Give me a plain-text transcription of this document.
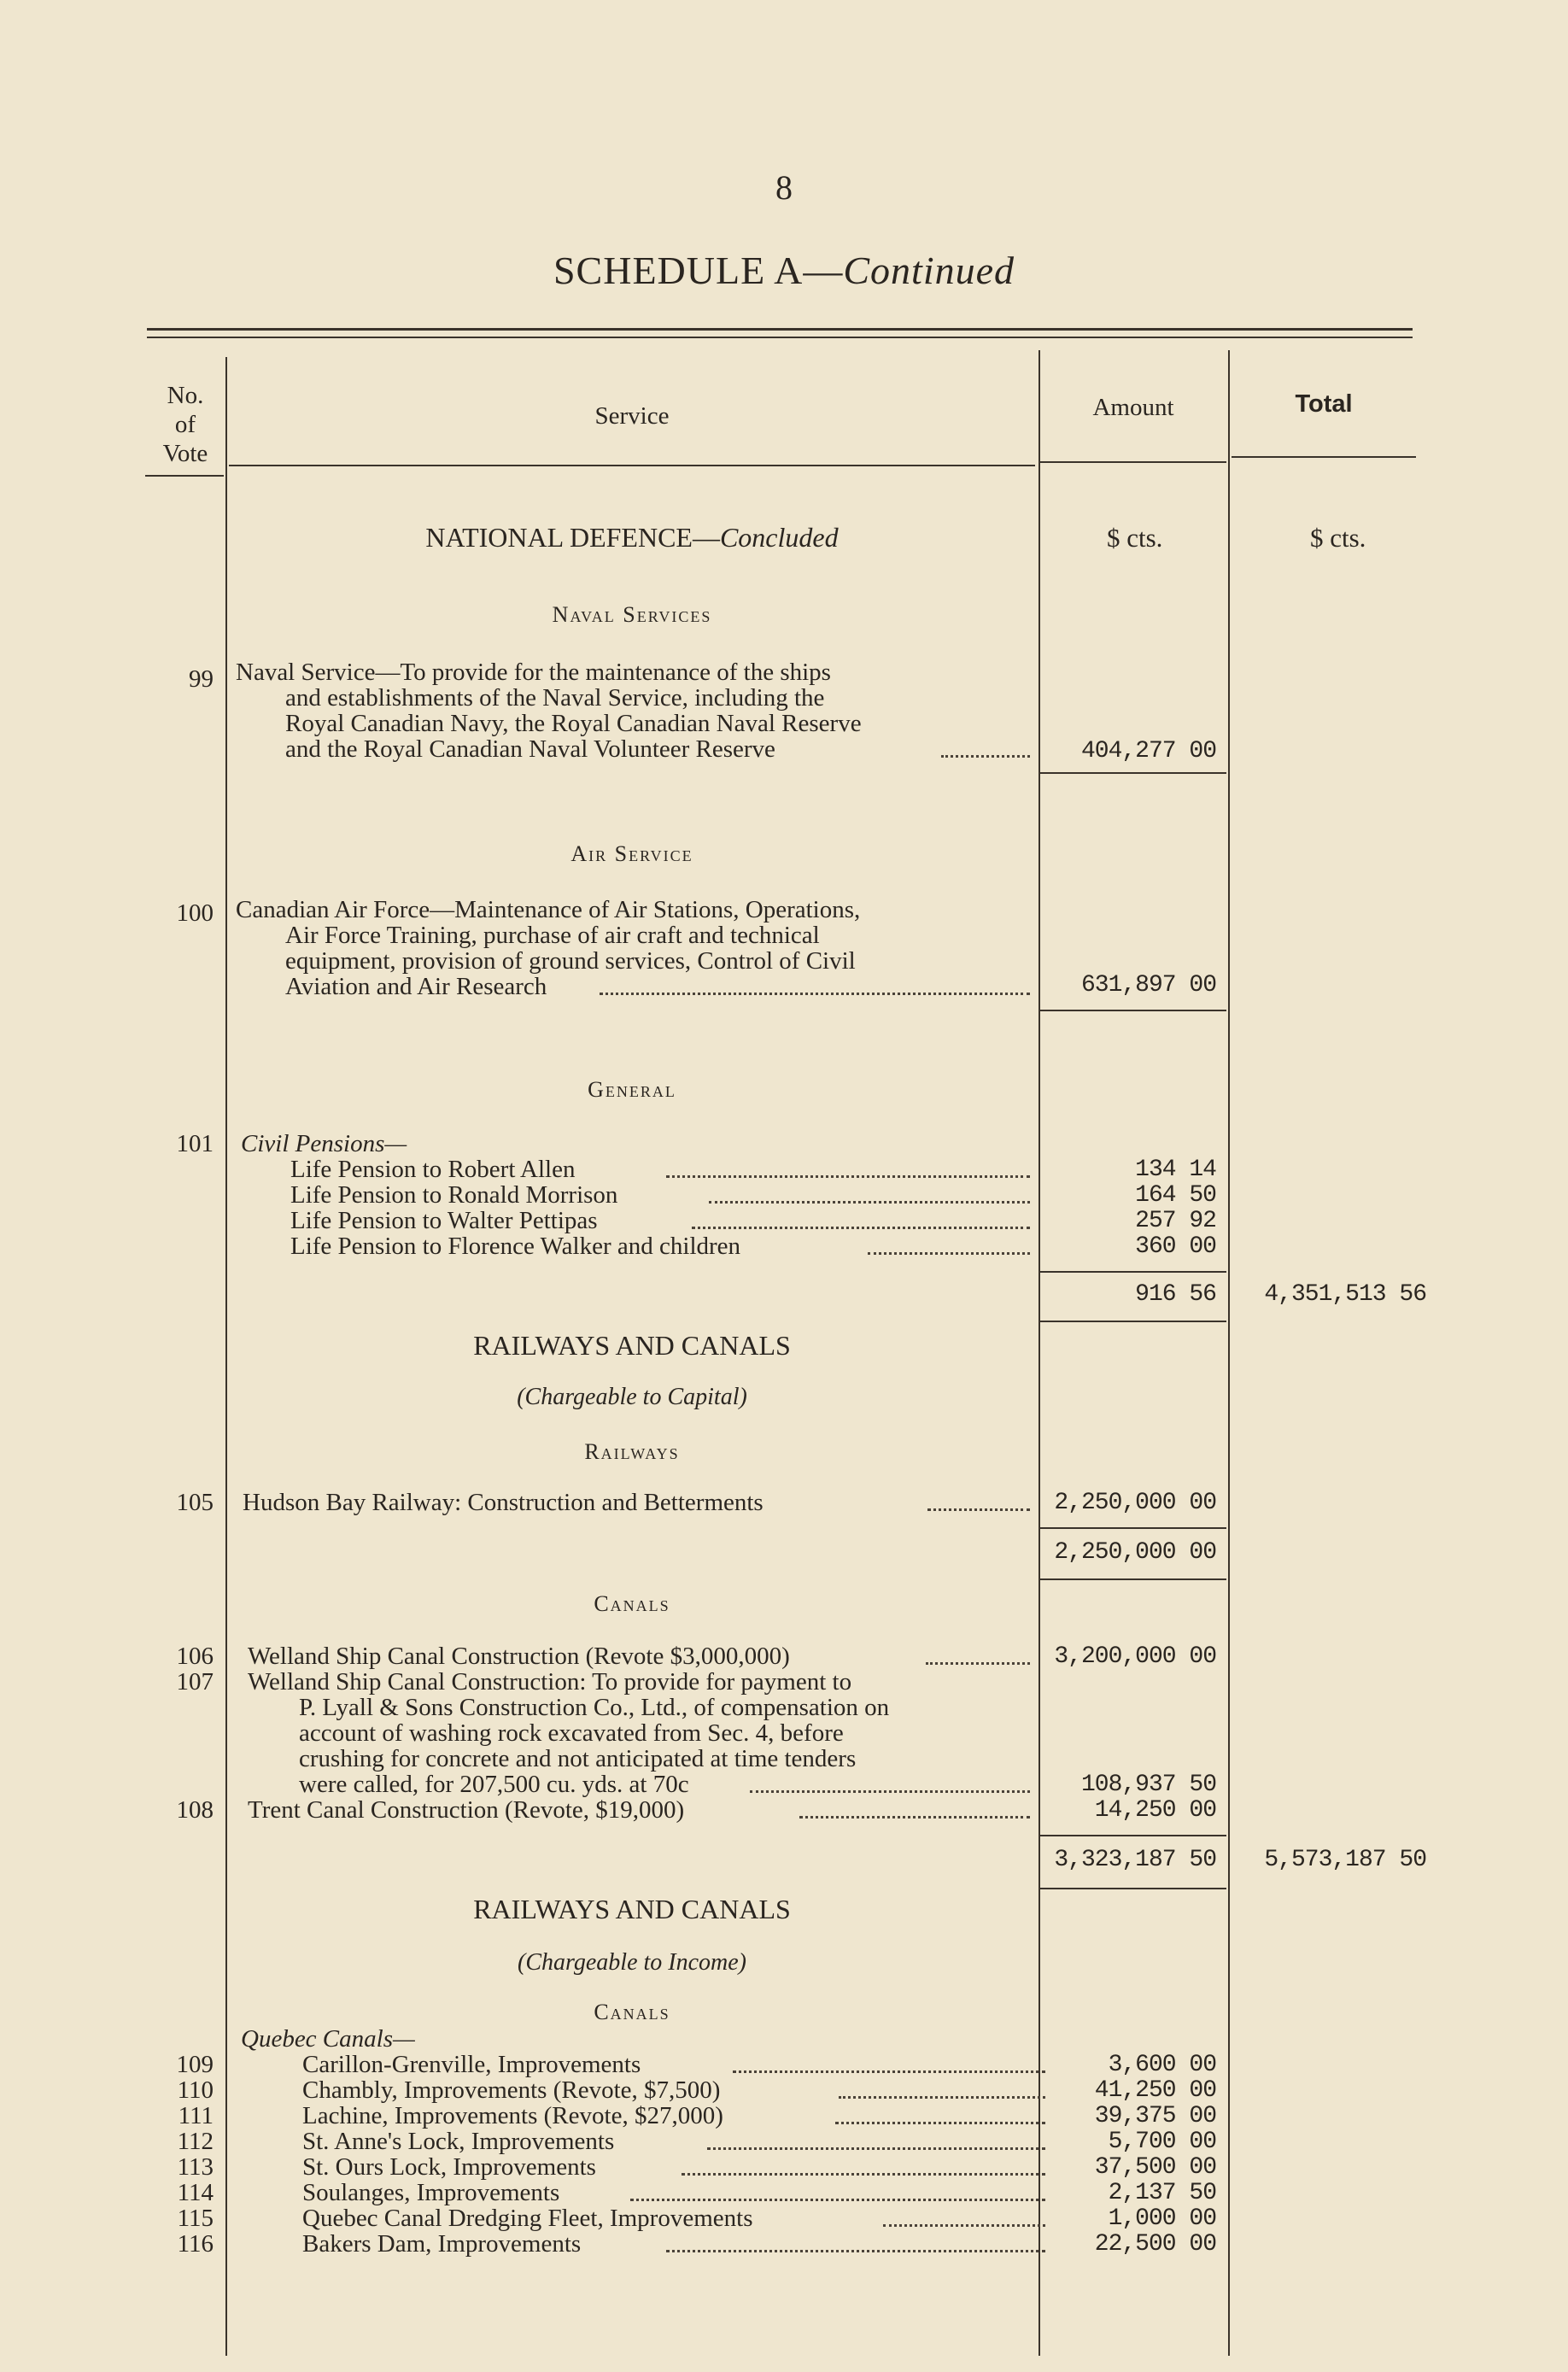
8
SCHEDULE A—Continued
No.
of
Vote
Service	Amount	Total
$ cts.	$ cts.
NATIONAL DEFENCE—Concluded
Naval Services
99 Naval Service—To provide for the maintenance of the ships
and establishments of the Naval Service, including the
Royal Canadian Navy, the Royal Canadian Naval Reserve
and the Royal Canadian Naval Volunteer Reserve	404,277 00
Air Service
100 Canadian Air Force—Maintenance of Air Stations, Operations,
Air Force Training, purchase of air craft and technical
equipment, provision of ground services, Control of Civil
Aviation and Air Research	631,897 00
General
101 Civil Pensions—
Life Pension to Robert Allen	134 14
Life Pension to Ronald Morrison	164 50
Life Pension to Walter Pettipas	257 92
Life Pension to Florence Walker and children	360 00
916 56	4,351,513 56
RAILWAYS AND CANALS
(Chargeable to Capital)
Railways
105 Hudson Bay Railway: Construction and Betterments	2,250,000 00
2,250,000 00
Canals
106 Welland Ship Canal Construction (Revote $3,000,000)	3,200,000 00
107 Welland Ship Canal Construction: To provide for payment to
P. Lyall & Sons Construction Co., Ltd., of compensation on
account of washing rock excavated from Sec. 4, before
crushing for concrete and not anticipated at time tenders
were called, for 207,500 cu. yds. at 70c	108,937 50
108 Trent Canal Construction (Revote, $19,000)	14,250 00
3,323,187 50	5,573,187 50
RAILWAYS AND CANALS
(Chargeable to Income)
Canals
Quebec Canals—
109	Carillon-Grenville, Improvements	3,600 00
110	Chambly, Improvements (Revote, $7,500)	41,250 00
111	Lachine, Improvements (Revote, $27,000)	39,375 00
112	St. Anne's Lock, Improvements	5,700 00
113	St. Ours Lock, Improvements	37,500 00
114	Soulanges, Improvements	2,137 50
115	Quebec Canal Dredging Fleet, Improvements	1,000 00
116	Bakers Dam, Improvements	22,500 00
